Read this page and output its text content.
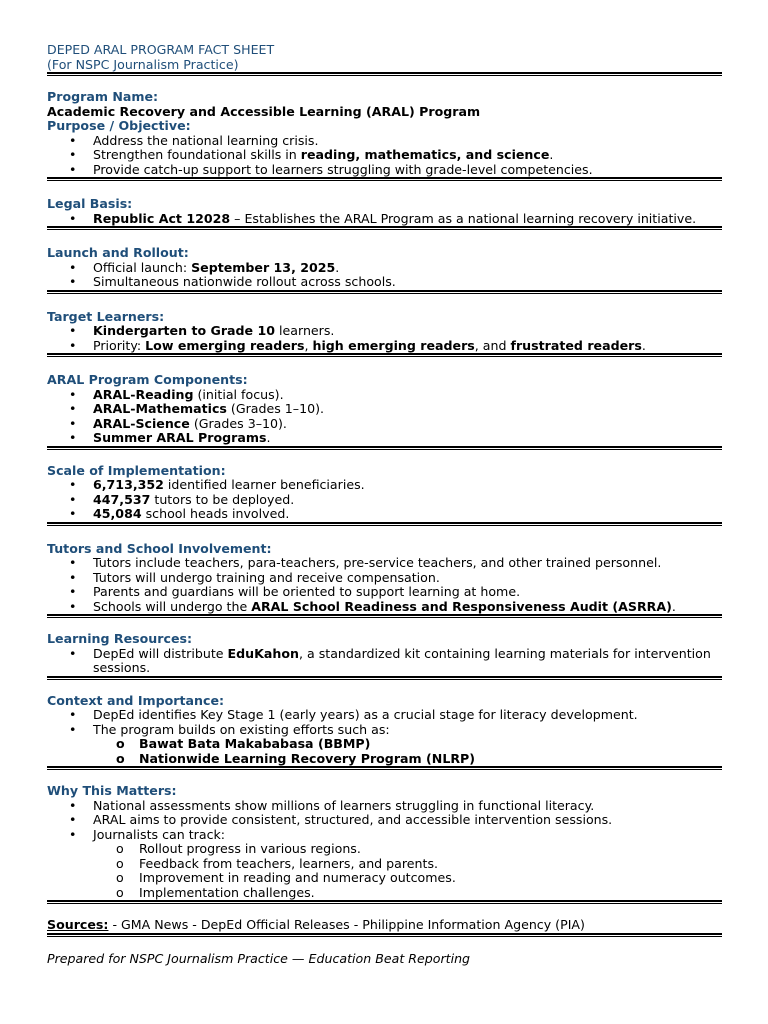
DEPED ARAL PROGRAM FACT SHEET
(For NSPC Journalism Practice)
Program Name:
Academic Recovery and Accessible Learning (ARAL) Program
Purpose / Objective:
• Address the national learning crisis.
• Strengthen foundational skills in reading, mathematics, and science.
• Provide catch-up support to learners struggling with grade-level competencies.
Legal Basis:
• Republic Act 12028 – Establishes the ARAL Program as a national learning recovery initiative.
Launch and Rollout:
• Official launch: September 13, 2025.
• Simultaneous nationwide rollout across schools.
Target Learners:
• Kindergarten to Grade 10 learners.
• Priority: Low emerging readers, high emerging readers, and frustrated readers.
ARAL Program Components:
• ARAL-Reading (initial focus).
• ARAL-Mathematics (Grades 1–10).
• ARAL-Science (Grades 3–10).
• Summer ARAL Programs.
Scale of Implementation:
• 6,713,352 identified learner beneficiaries.
• 447,537 tutors to be deployed.
• 45,084 school heads involved.
Tutors and School Involvement:
• Tutors include teachers, para-teachers, pre-service teachers, and other trained personnel.
• Tutors will undergo training and receive compensation.
• Parents and guardians will be oriented to support learning at home.
• Schools will undergo the ARAL School Readiness and Responsiveness Audit (ASRRA).
Learning Resources:
• DepEd will distribute EduKahon, a standardized kit containing learning materials for intervention sessions.
Context and Importance:
• DepEd identifies Key Stage 1 (early years) as a crucial stage for literacy development.
• The program builds on existing efforts such as:
o Bawat Bata Makababasa (BBMP)
o Nationwide Learning Recovery Program (NLRP)
Why This Matters:
• National assessments show millions of learners struggling in functional literacy.
• ARAL aims to provide consistent, structured, and accessible intervention sessions.
• Journalists can track:
o Rollout progress in various regions.
o Feedback from teachers, learners, and parents.
o Improvement in reading and numeracy outcomes.
o Implementation challenges.
Sources: - GMA News - DepEd Official Releases - Philippine Information Agency (PIA)
Prepared for NSPC Journalism Practice — Education Beat Reporting
